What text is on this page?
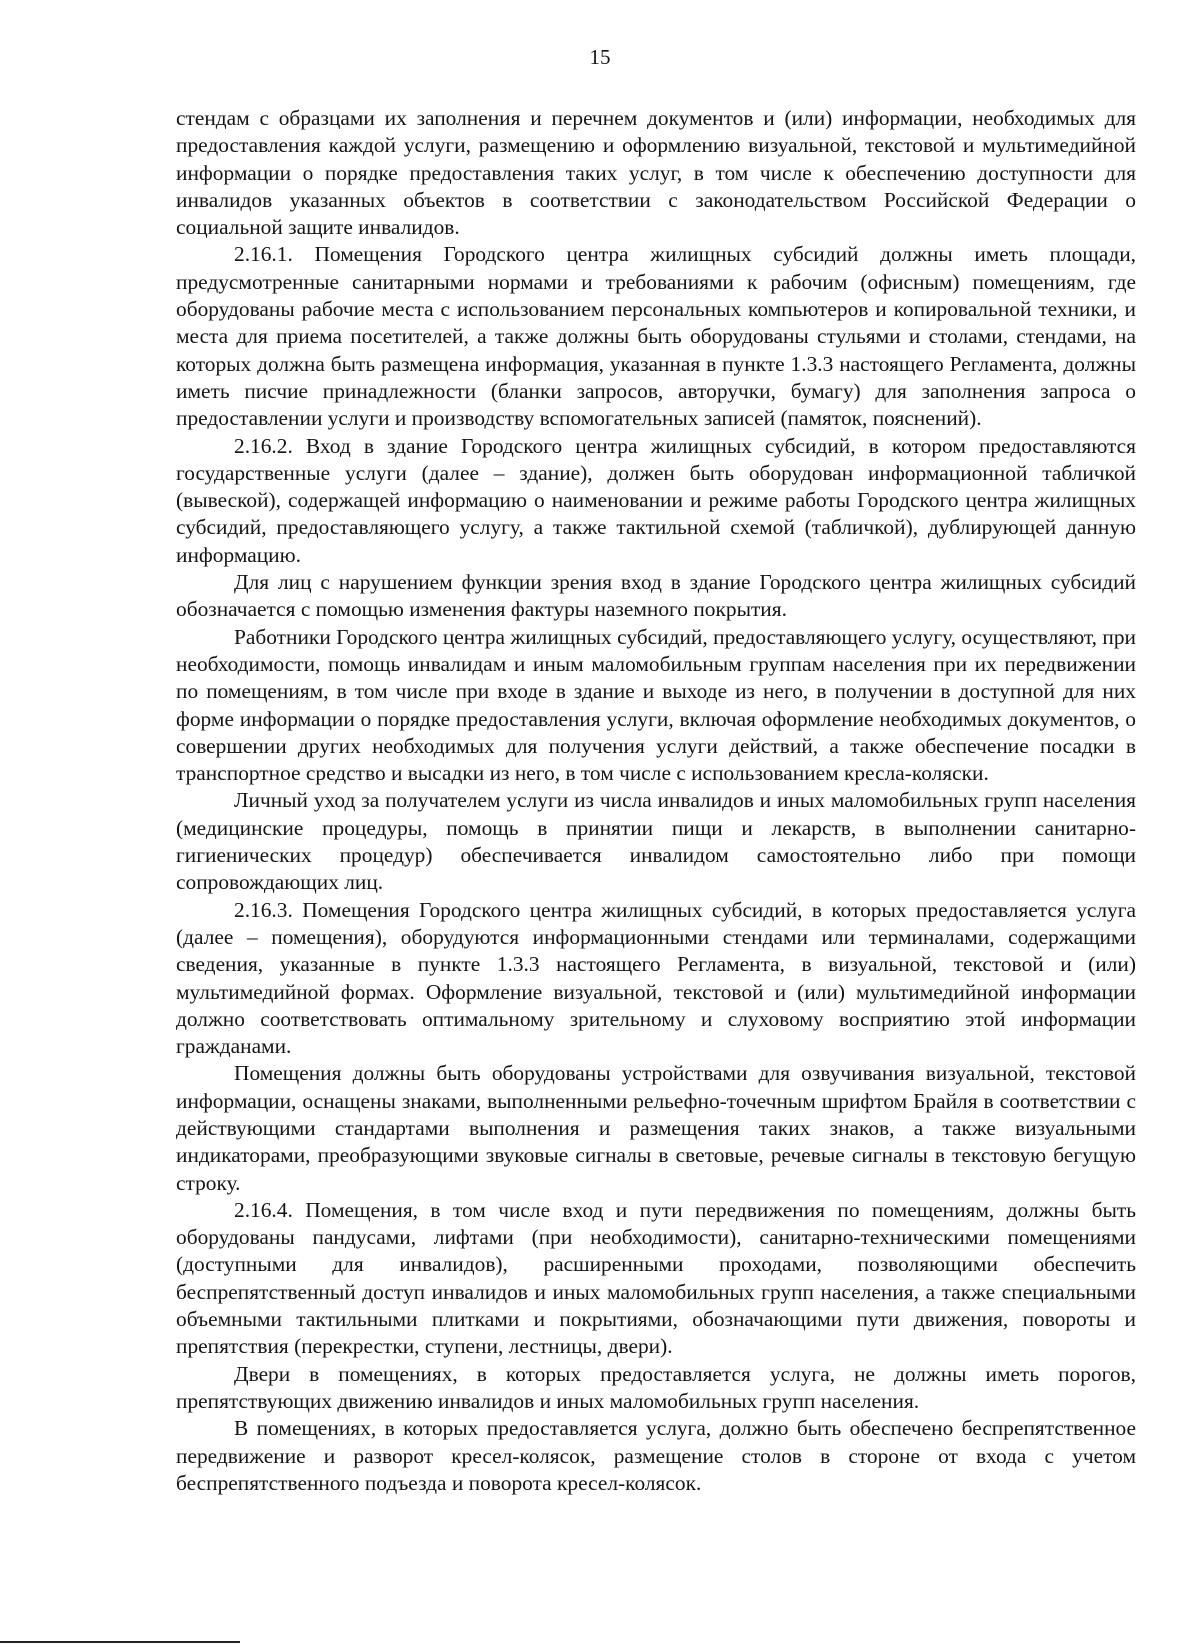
15

стендам с образцами их заполнения и перечнем документов и (или) информации, необходимых для предоставления каждой услуги, размещению и оформлению визуальной, текстовой и мультимедийной информации о порядке предоставления таких услуг, в том числе к обеспечению доступности для инвалидов указанных объектов в соответствии с законодательством Российской Федерации о социальной защите инвалидов.

2.16.1. Помещения Городского центра жилищных субсидий должны иметь площади, предусмотренные санитарными нормами и требованиями к рабочим (офисным) помещениям, где оборудованы рабочие места с использованием персональных компьютеров и копировальной техники, и места для приема посетителей, а также должны быть оборудованы стульями и столами, стендами, на которых должна быть размещена информация, указанная в пункте 1.3.3 настоящего Регламента, должны иметь писчие принадлежности (бланки запросов, авторучки, бумагу) для заполнения запроса о предоставлении услуги и производству вспомогательных записей (памяток, пояснений).

2.16.2. Вход в здание Городского центра жилищных субсидий, в котором предоставляются государственные услуги (далее – здание), должен быть оборудован информационной табличкой (вывеской), содержащей информацию о наименовании и режиме работы Городского центра жилищных субсидий, предоставляющего услугу, а также тактильной схемой (табличкой), дублирующей данную информацию.

Для лиц с нарушением функции зрения вход в здание Городского центра жилищных субсидий обозначается с помощью изменения фактуры наземного покрытия.

Работники Городского центра жилищных субсидий, предоставляющего услугу, осуществляют, при необходимости, помощь инвалидам и иным маломобильным группам населения при их передвижении по помещениям, в том числе при входе в здание и выходе из него, в получении в доступной для них форме информации о порядке предоставления услуги, включая оформление необходимых документов, о совершении других необходимых для получения услуги действий, а также обеспечение посадки в транспортное средство и высадки из него, в том числе с использованием кресла-коляски.

Личный уход за получателем услуги из числа инвалидов и иных маломобильных групп населения (медицинские процедуры, помощь в принятии пищи и лекарств, в выполнении санитарно-гигиенических процедур) обеспечивается инвалидом самостоятельно либо при помощи сопровождающих лиц.

2.16.3. Помещения Городского центра жилищных субсидий, в которых предоставляется услуга (далее – помещения), оборудуются информационными стендами или терминалами, содержащими сведения, указанные в пункте 1.3.3 настоящего Регламента, в визуальной, текстовой и (или) мультимедийной формах. Оформление визуальной, текстовой и (или) мультимедийной информации должно соответствовать оптимальному зрительному и слуховому восприятию этой информации гражданами.

Помещения должны быть оборудованы устройствами для озвучивания визуальной, текстовой информации, оснащены знаками, выполненными рельефно-точечным шрифтом Брайля в соответствии с действующими стандартами выполнения и размещения таких знаков, а также визуальными индикаторами, преобразующими звуковые сигналы в световые, речевые сигналы в текстовую бегущую строку.

2.16.4. Помещения, в том числе вход и пути передвижения по помещениям, должны быть оборудованы пандусами, лифтами (при необходимости), санитарно-техническими помещениями (доступными для инвалидов), расширенными проходами, позволяющими обеспечить беспрепятственный доступ инвалидов и иных маломобильных групп населения, а также специальными объемными тактильными плитками и покрытиями, обозначающими пути движения, повороты и препятствия (перекрестки, ступени, лестницы, двери).

Двери в помещениях, в которых предоставляется услуга, не должны иметь порогов, препятствующих движению инвалидов и иных маломобильных групп населения.

В помещениях, в которых предоставляется услуга, должно быть обеспечено беспрепятственное передвижение и разворот кресел-колясок, размещение столов в стороне от входа с учетом беспрепятственного подъезда и поворота кресел-колясок.
